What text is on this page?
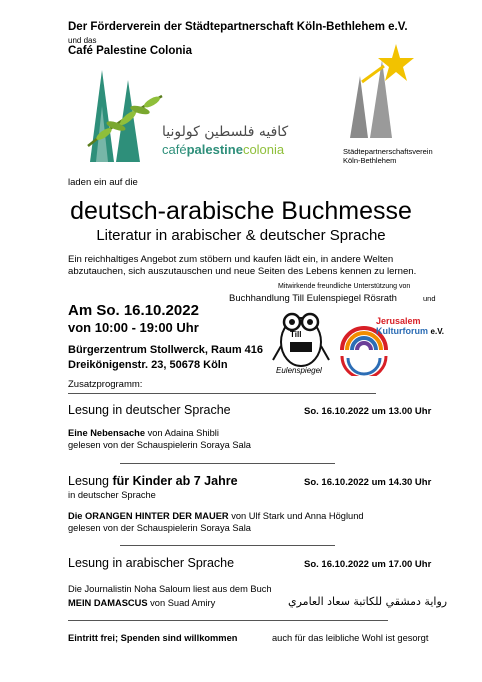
Der Förderverein der Städtepartnerschaft Köln-Bethlehem e.V.
und das
Café Palestine Colonia
كافيه فلسطين كولونيا
cafépalestinecolonia	Städtepartnerschaftsverein
Köln-Bethlehem
laden ein auf die
deutsch-arabische Buchmesse
Literatur in arabischer & deutscher Sprache
Ein reichhaltiges Angebot zum stöbern und kaufen lädt ein, in andere Welten
abzutauchen, sich auszutauschen und neue Seiten des Lebens kennen zu lernen.
Mitwirkende freundliche Unterstützung von
Buchhandlung Till Eulenspiegel Rösrath	und
Am So. 16.10.2022
von 10:00 - 19:00 Uhr
Bürgerzentrum Stollwerck, Raum 416
Dreikönigenstr. 23, 50678 Köln
Zusatzprogramm:
Till
Eulenspiegel
Jerusalem
Kulturforum e.V.
Lesung in deutscher Sprache	So. 16.10.2022 um 13.00 Uhr
Eine Nebensache von Adaina Shibli
gelesen von der Schauspielerin Soraya Sala
Lesung für Kinder ab 7 Jahre	So. 16.10.2022 um 14.30 Uhr
in deutscher Sprache
Die ORANGEN HINTER DER MAUER von Ulf Stark und Anna Höglund
gelesen von der Schauspielerin Soraya Sala
Lesung in arabischer Sprache	So. 16.10.2022 um 17.00 Uhr
Die Journalistin Noha Saloum liest aus dem Buch
MEIN DAMASCUS von Suad Amiry	رواية دمشقي للكاتبة سعاد العامري
Eintritt frei; Spenden sind willkommen	auch für das leibliche Wohl ist gesorgt
